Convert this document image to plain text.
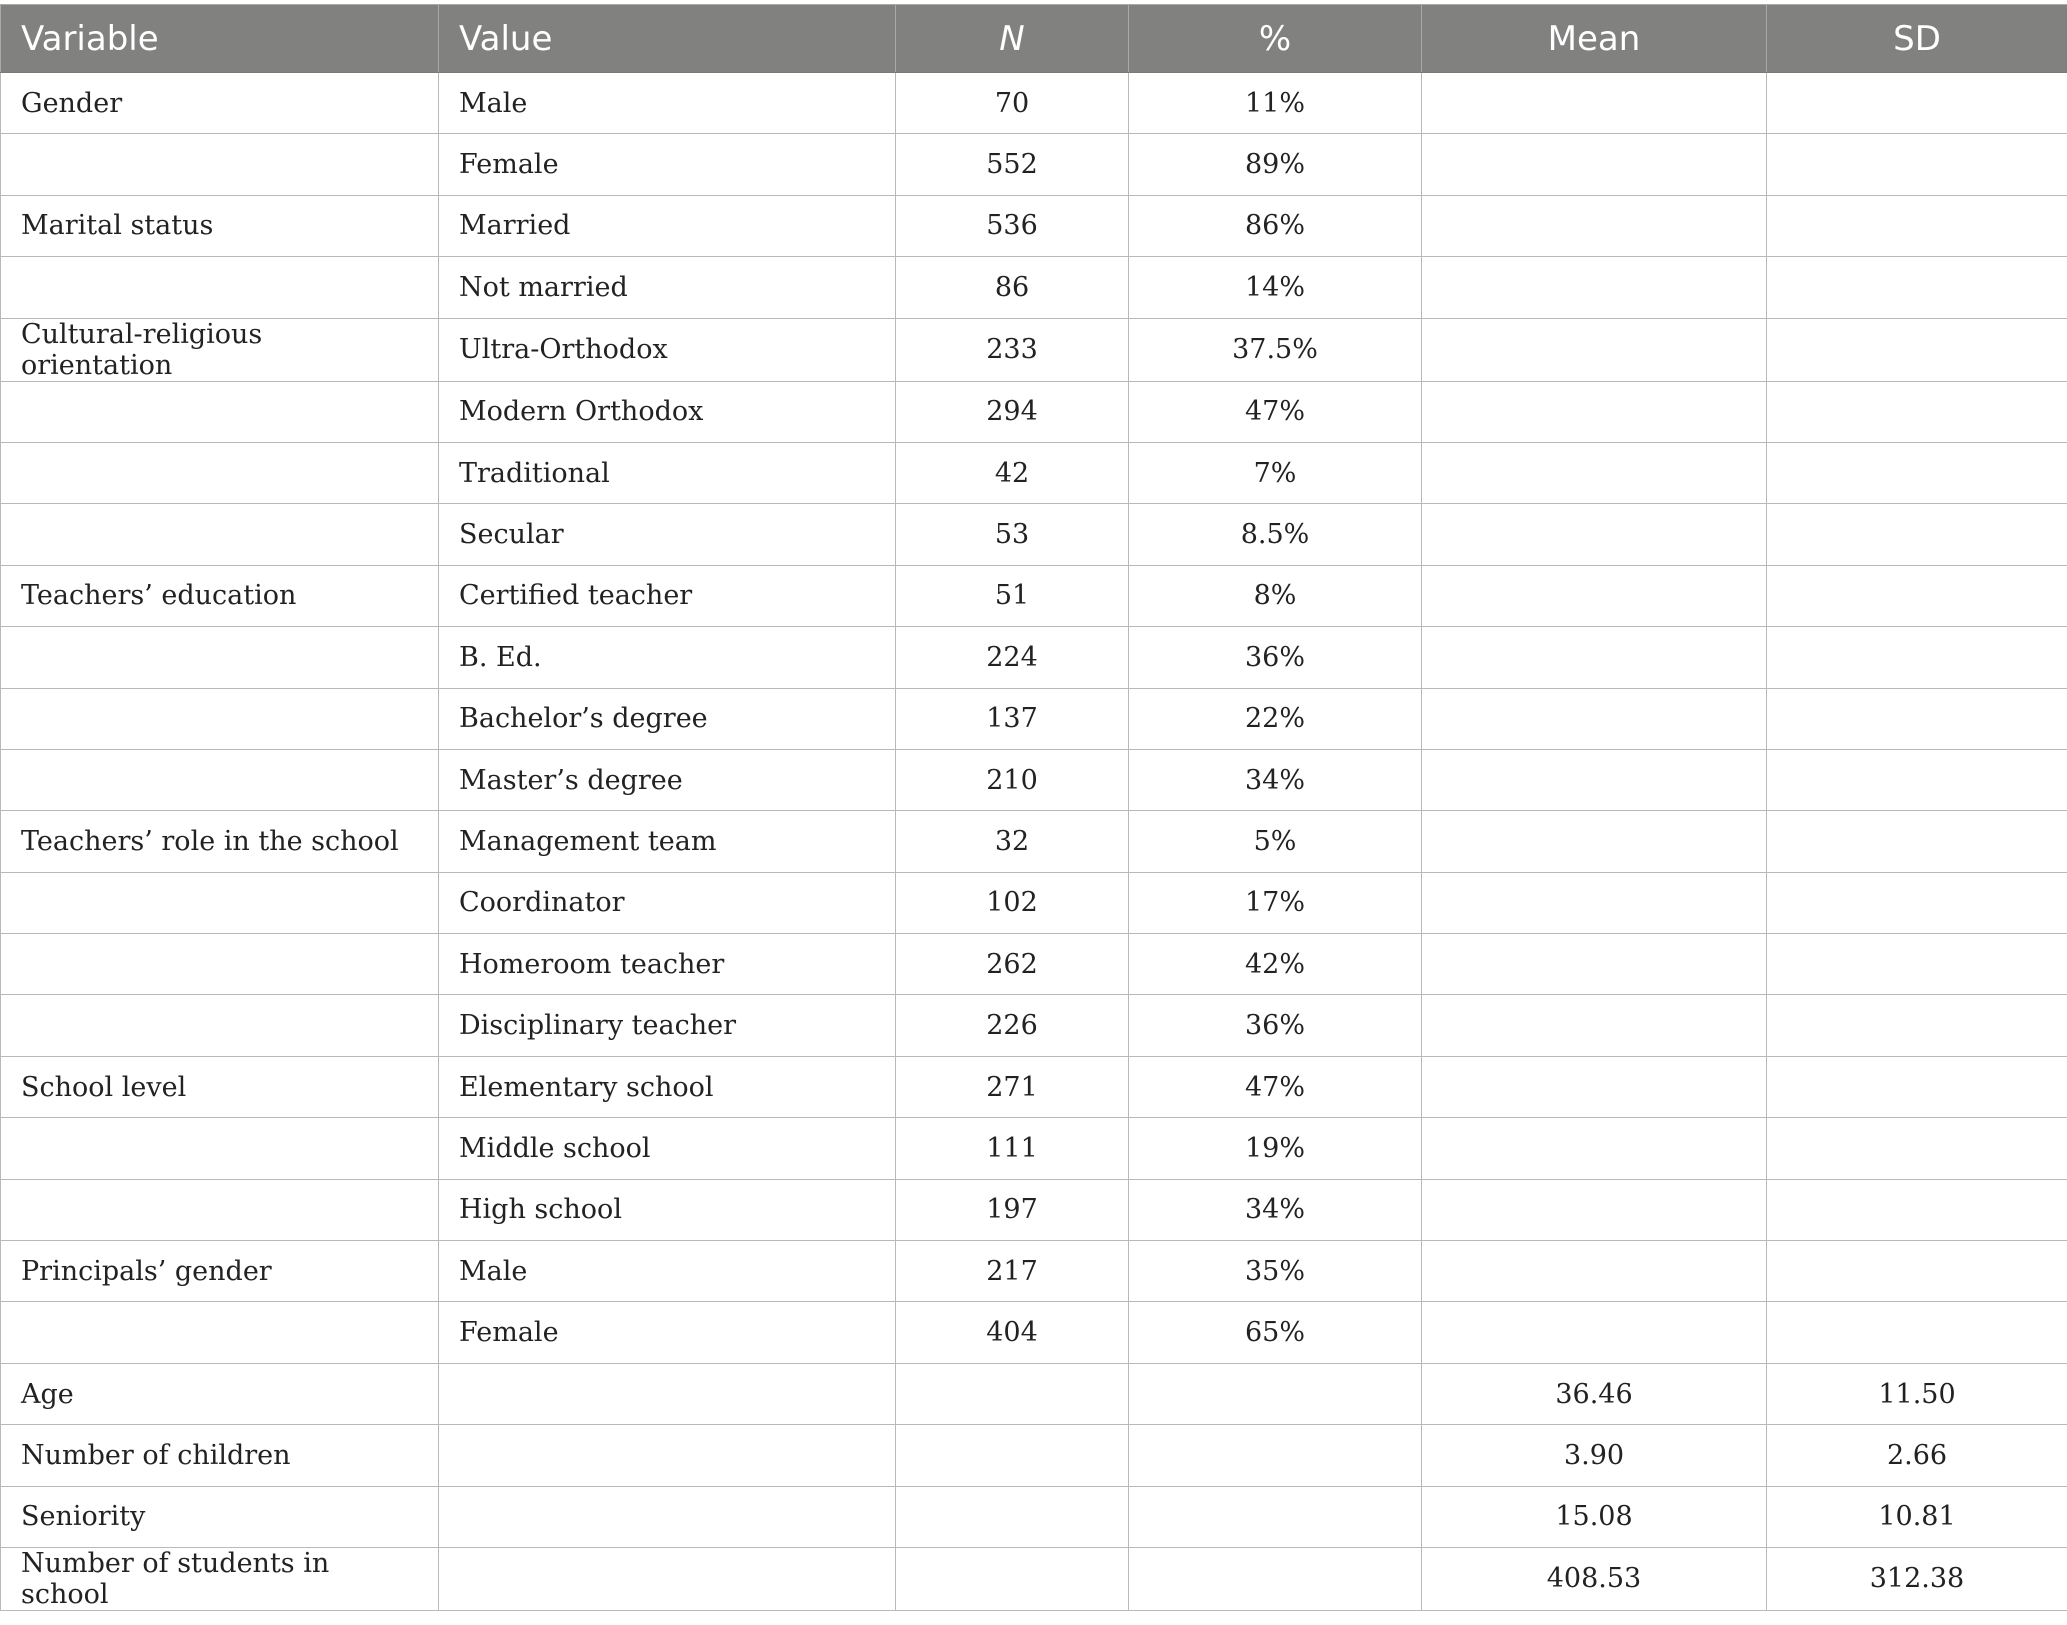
Variable	Value	N	%	Mean	SD
Gender	Male	70	11%		
	Female	552	89%		
Marital status	Married	536	86%		
	Not married	86	14%		
Cultural-religious orientation	Ultra-Orthodox	233	37.5%		
	Modern Orthodox	294	47%		
	Traditional	42	7%		
	Secular	53	8.5%		
Teachers’ education	Certified teacher	51	8%		
	B. Ed.	224	36%		
	Bachelor’s degree	137	22%		
	Master’s degree	210	34%		
Teachers’ role in the school	Management team	32	5%		
	Coordinator	102	17%		
	Homeroom teacher	262	42%		
	Disciplinary teacher	226	36%		
School level	Elementary school	271	47%		
	Middle school	111	19%		
	High school	197	34%		
Principals’ gender	Male	217	35%		
	Female	404	65%		
Age				36.46	11.50
Number of children				3.90	2.66
Seniority				15.08	10.81
Number of students in school				408.53	312.38
